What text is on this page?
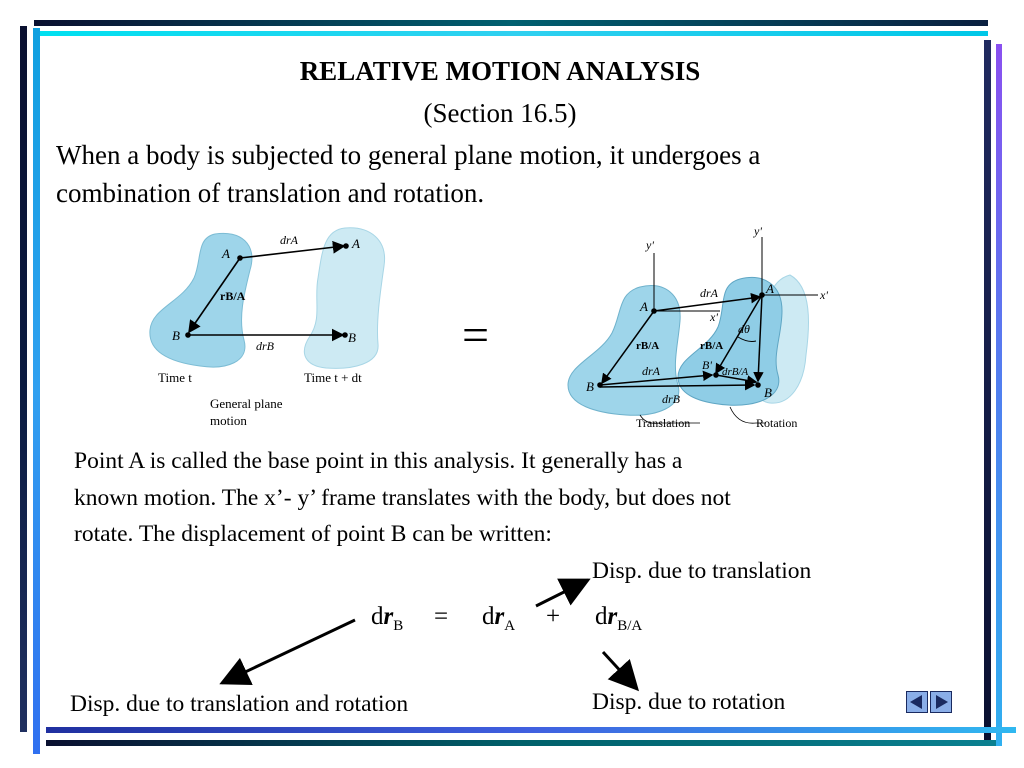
RELATIVE MOTION ANALYSIS
(Section 16.5)
When a body is subjected to general plane motion, it undergoes a
combination of translation and rotation.
A
A
B	B
drA
rB/A
drB
Time t	Time t + dt
General plane
motion
=
y'
y'
x'
x'
A
A
B
B'
B
drA
drA
rB/A	rB/A
dθ
drB/A
drB
Translation	Rotation
Point A is called the base point in this analysis. It generally has a
known motion. The x’- y’ frame translates with the body, but does not
rotate. The displacement of point B can be written:
Disp. due to translation
$dr_B = dr_A + dr_{B/A}$
Disp. due to translation and rotation	Disp. due to rotation
